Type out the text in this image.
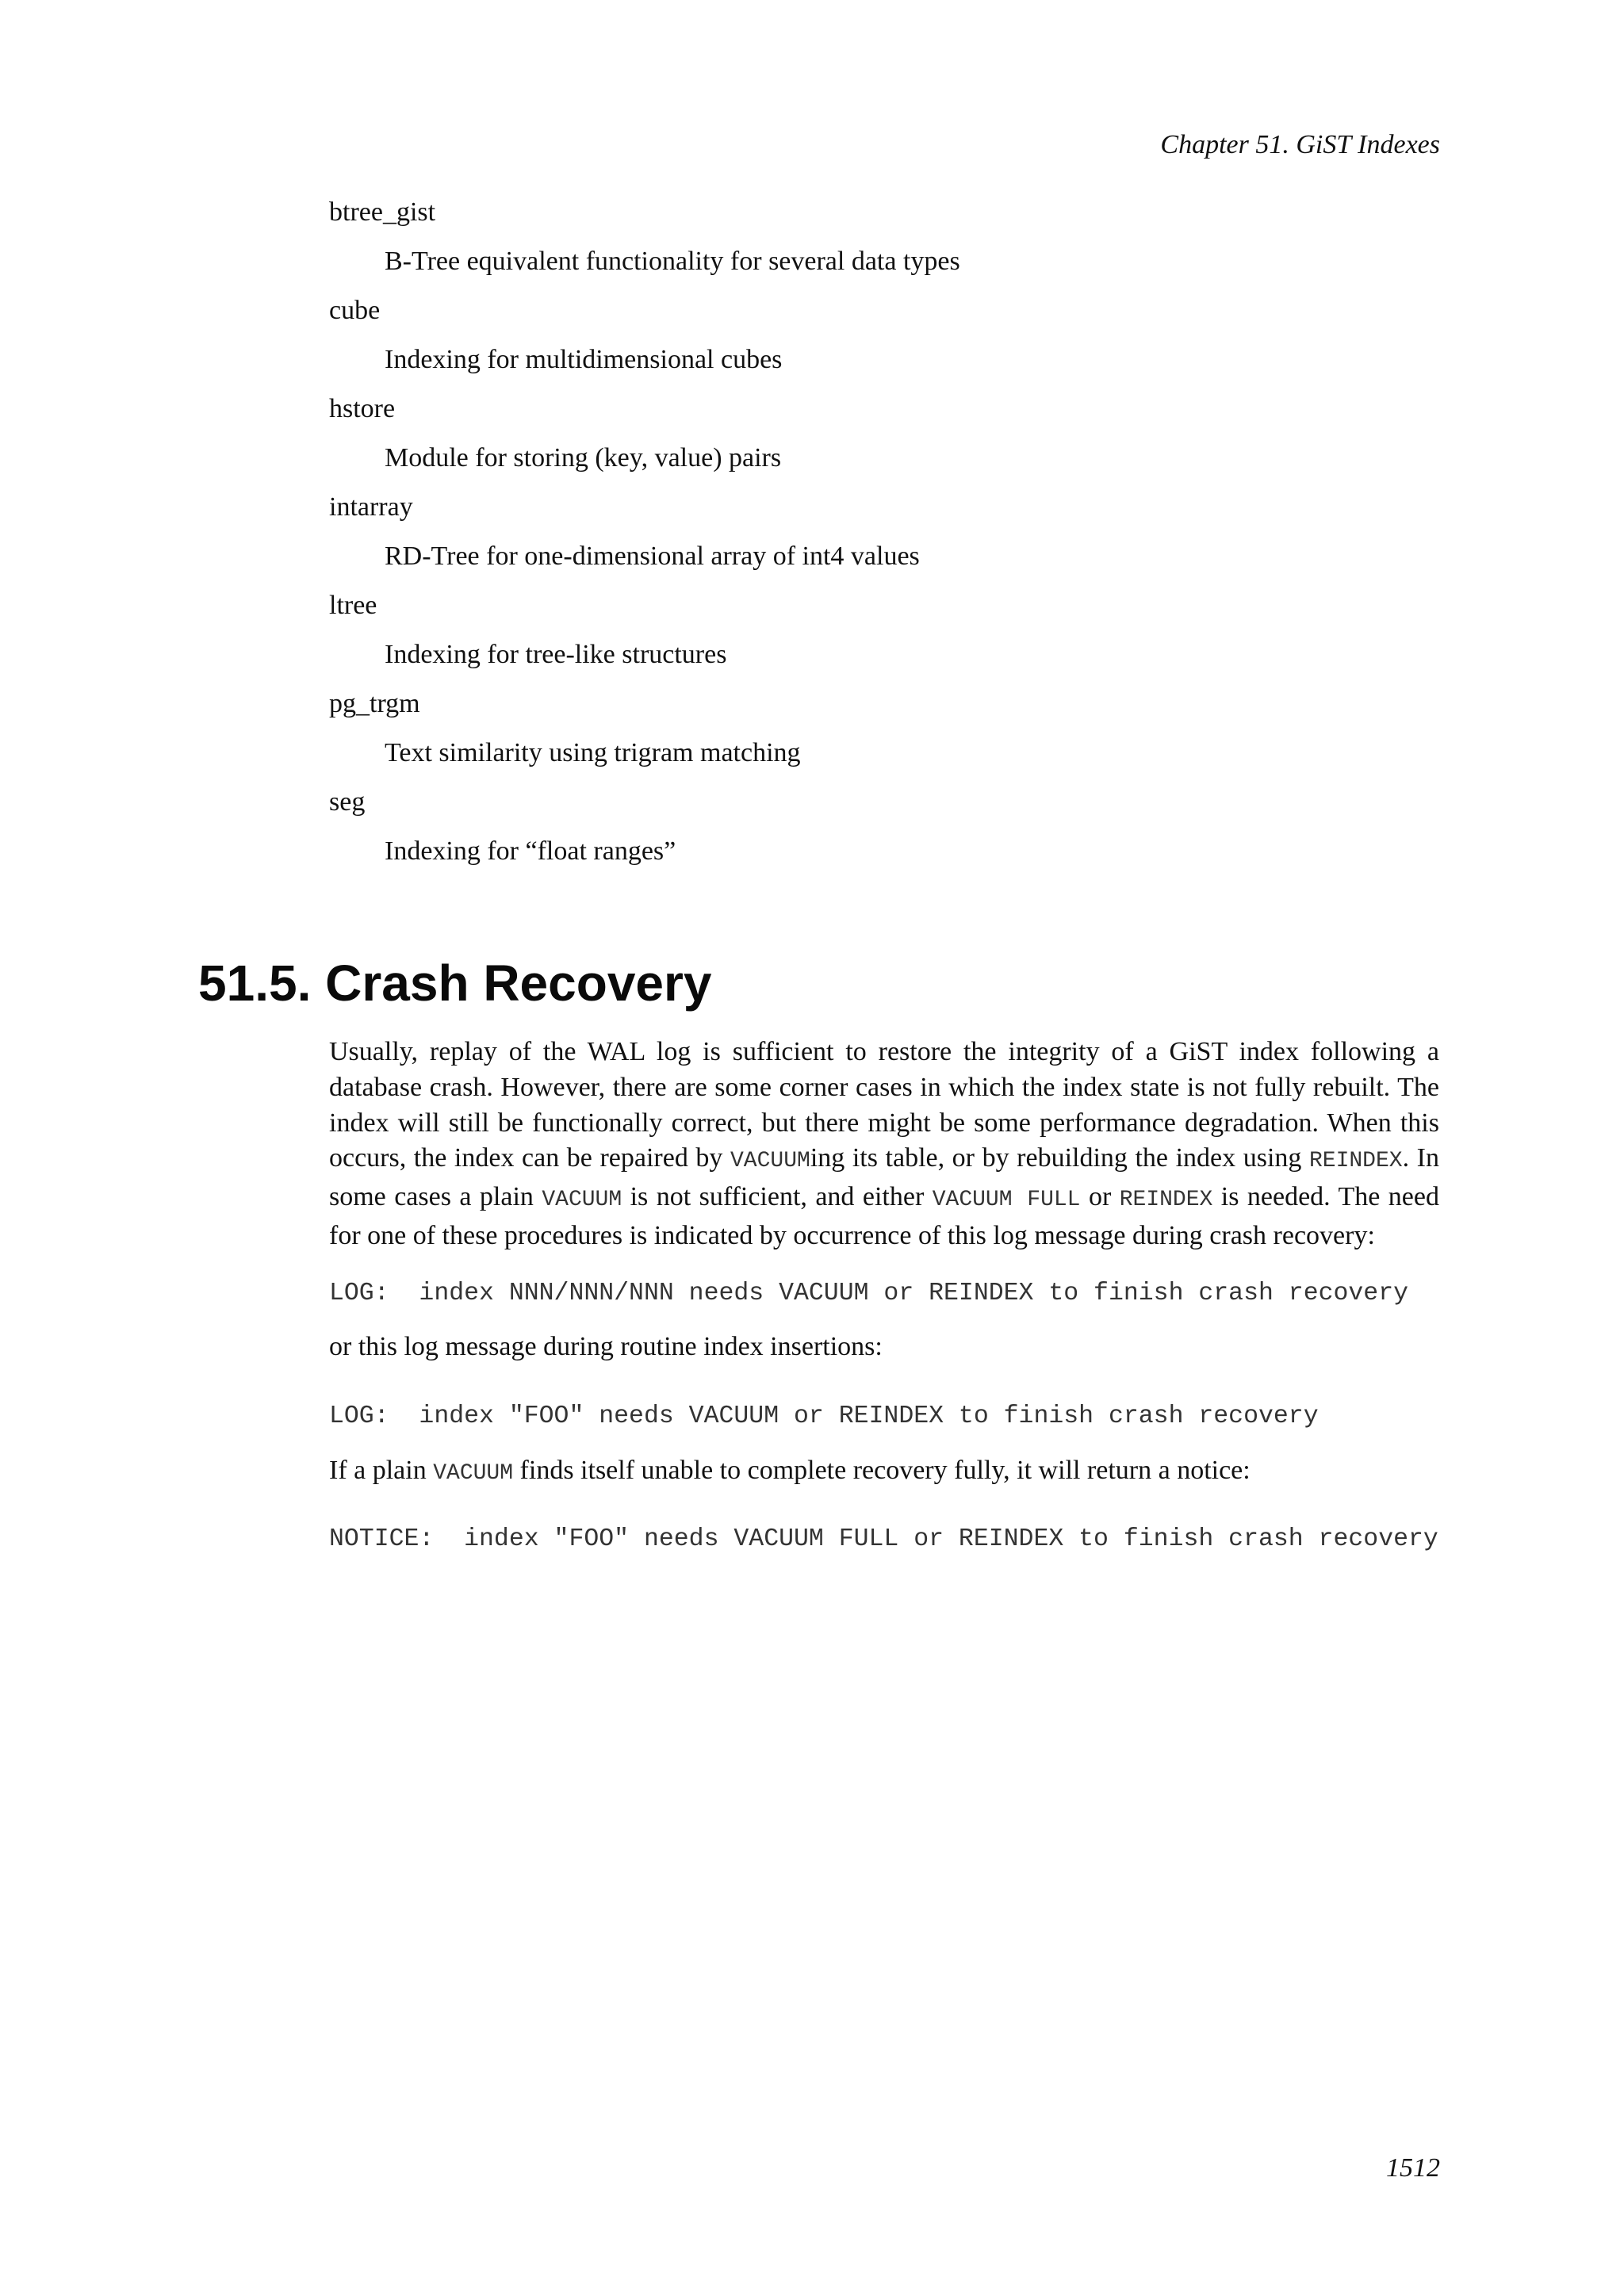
Chapter 51. GiST Indexes
btree_gist
B-Tree equivalent functionality for several data types
cube
Indexing for multidimensional cubes
hstore
Module for storing (key, value) pairs
intarray
RD-Tree for one-dimensional array of int4 values
ltree
Indexing for tree-like structures
pg_trgm
Text similarity using trigram matching
seg
Indexing for “float ranges”
51.5. Crash Recovery

Usually, replay of the WAL log is sufficient to restore the integrity of a GiST index following a database crash. However, there are some corner cases in which the index state is not fully rebuilt. The index will still be functionally correct, but there might be some performance degradation. When this occurs, the index can be repaired by VACUUMing its table, or by rebuilding the index using REINDEX. In some cases a plain VACUUM is not sufficient, and either VACUUM FULL or REINDEX is needed. The need for one of these procedures is indicated by occurrence of this log message during crash recovery:

LOG:  index NNN/NNN/NNN needs VACUUM or REINDEX to finish crash recovery

or this log message during routine index insertions:

LOG:  index "FOO" needs VACUUM or REINDEX to finish crash recovery

If a plain VACUUM finds itself unable to complete recovery fully, it will return a notice:

NOTICE:  index "FOO" needs VACUUM FULL or REINDEX to finish crash recovery
1512
